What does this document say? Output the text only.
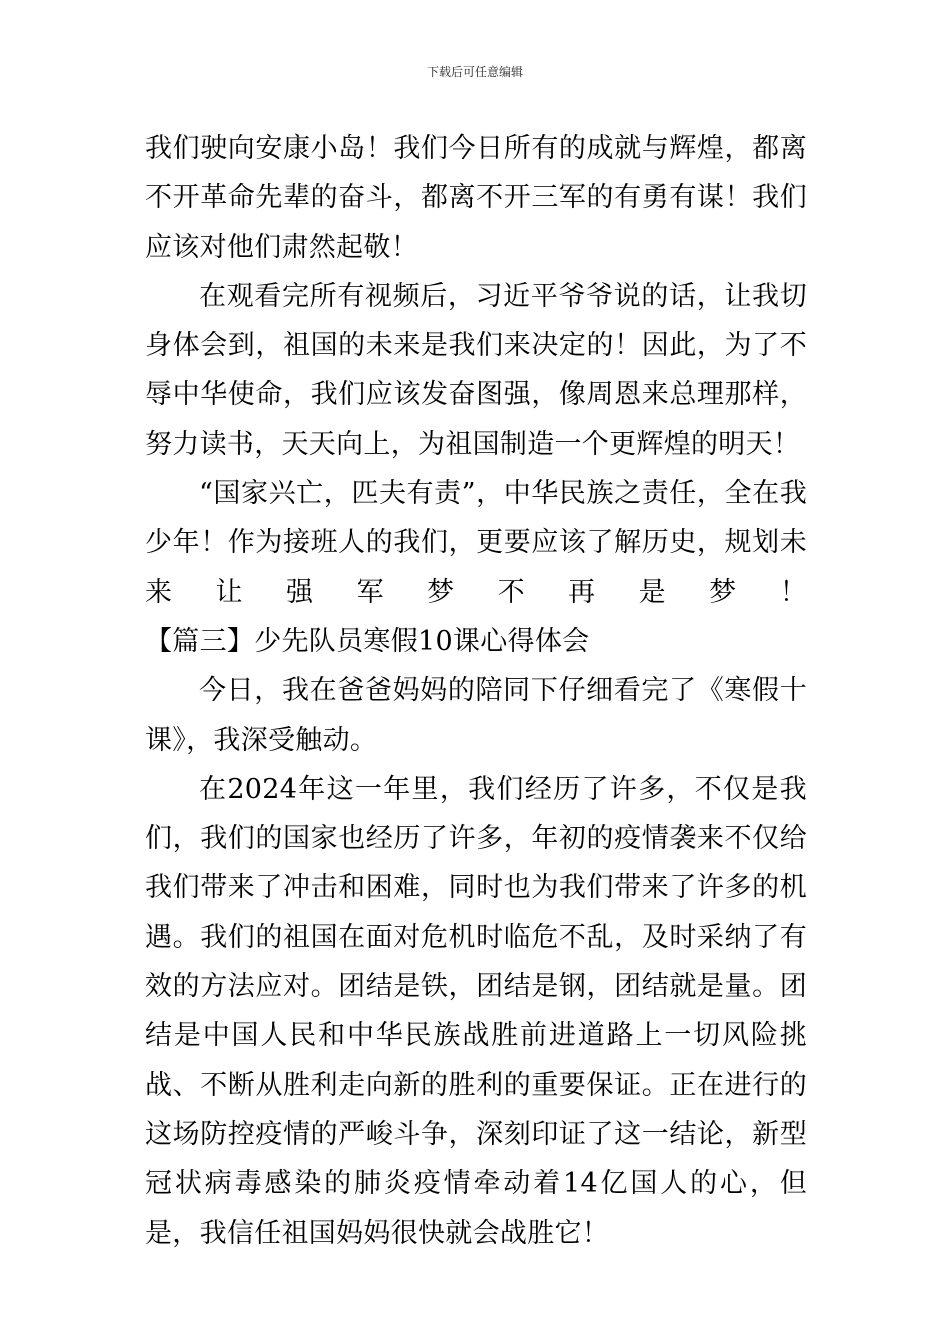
下载后可任意编辑

我们驶向安康小岛！我们今日所有的成就与辉煌，都离不开革命先辈的奋斗，都离不开三军的有勇有谋！我们应该对他们肃然起敬！

在观看完所有视频后，习近平爷爷说的话，让我切身体会到，祖国的未来是我们来决定的！因此，为了不辱中华使命，我们应该发奋图强，像周恩来总理那样，努力读书，天天向上，为祖国制造一个更辉煌的明天！

“国家兴亡，匹夫有责”，中华民族之责任，全在我少年！作为接班人的我们，更要应该了解历史，规划未来让强军梦不再是梦！【篇三】少先队员寒假10课心得体会

今日，我在爸爸妈妈的陪同下仔细看完了《寒假十课》，我深受触动。

在2024年这一年里，我们经历了许多，不仅是我们，我们的国家也经历了许多，年初的疫情袭来不仅给我们带来了冲击和困难，同时也为我们带来了许多的机遇。我们的祖国在面对危机时临危不乱，及时采纳了有效的方法应对。团结是铁，团结是钢，团结就是量。团结是中国人民和中华民族战胜前进道路上一切风险挑战、不断从胜利走向新的胜利的重要保证。正在进行的这场防控疫情的严峻斗争，深刻印证了这一结论，新型冠状病毒感染的肺炎疫情牵动着14亿国人的心，但是，我信任祖国妈妈很快就会战胜它！
